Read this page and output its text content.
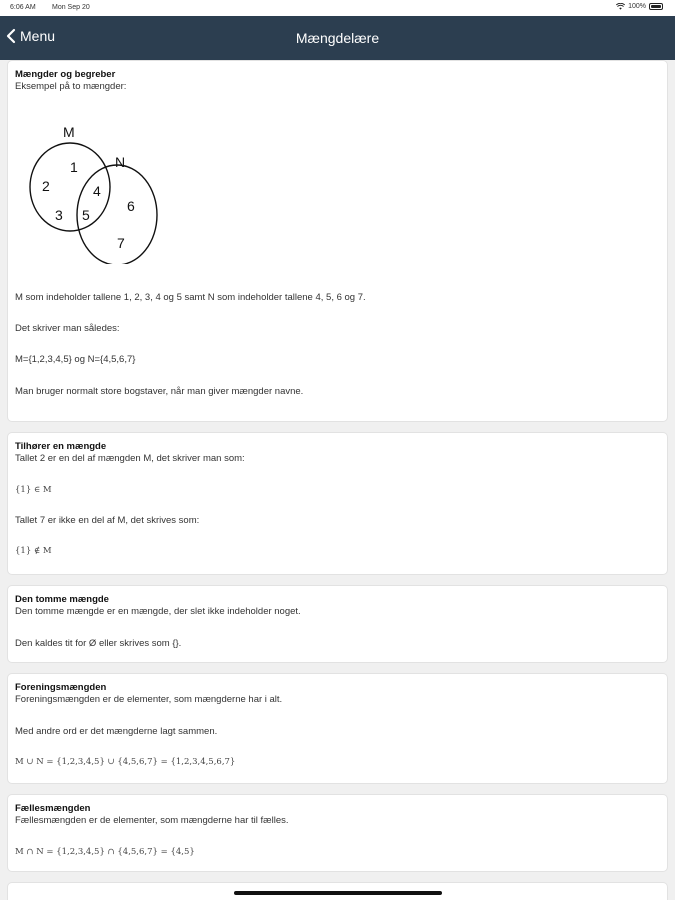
6:06 AM Mon Sep 20	100%
Menu	Mængdelære
Mængder og begreber

Eksempel på to mængder:

M
N
1
2
3
4
5
6
7

M som indeholder tallene 1, 2, 3, 4 og 5 samt N som indeholder tallene 4, 5, 6 og 7.

Det skriver man således:

M={1,2,3,4,5} og N={4,5,6,7}

Man bruger normalt store bogstaver, når man giver mængder navne.

Tilhører en mængde

Tallet 2 er en del af mængden M, det skriver man som:

{1} ∈ M

Tallet 7 er ikke en del af M, det skrives som:

{1} ∉ M

Den tomme mængde

Den tomme mængde er en mængde, der slet ikke indeholder noget.

Den kaldes tit for Ø eller skrives som {}.

Foreningsmængden

Foreningsmængden er de elementer, som mængderne har i alt.

Med andre ord er det mængderne lagt sammen.

M ∪ N = {1,2,3,4,5} ∪ {4,5,6,7} = {1,2,3,4,5,6,7}

Fællesmængden

Fællesmængden er de elementer, som mængderne har til fælles.

M ∩ N = {1,2,3,4,5} ∩ {4,5,6,7} = {4,5}
